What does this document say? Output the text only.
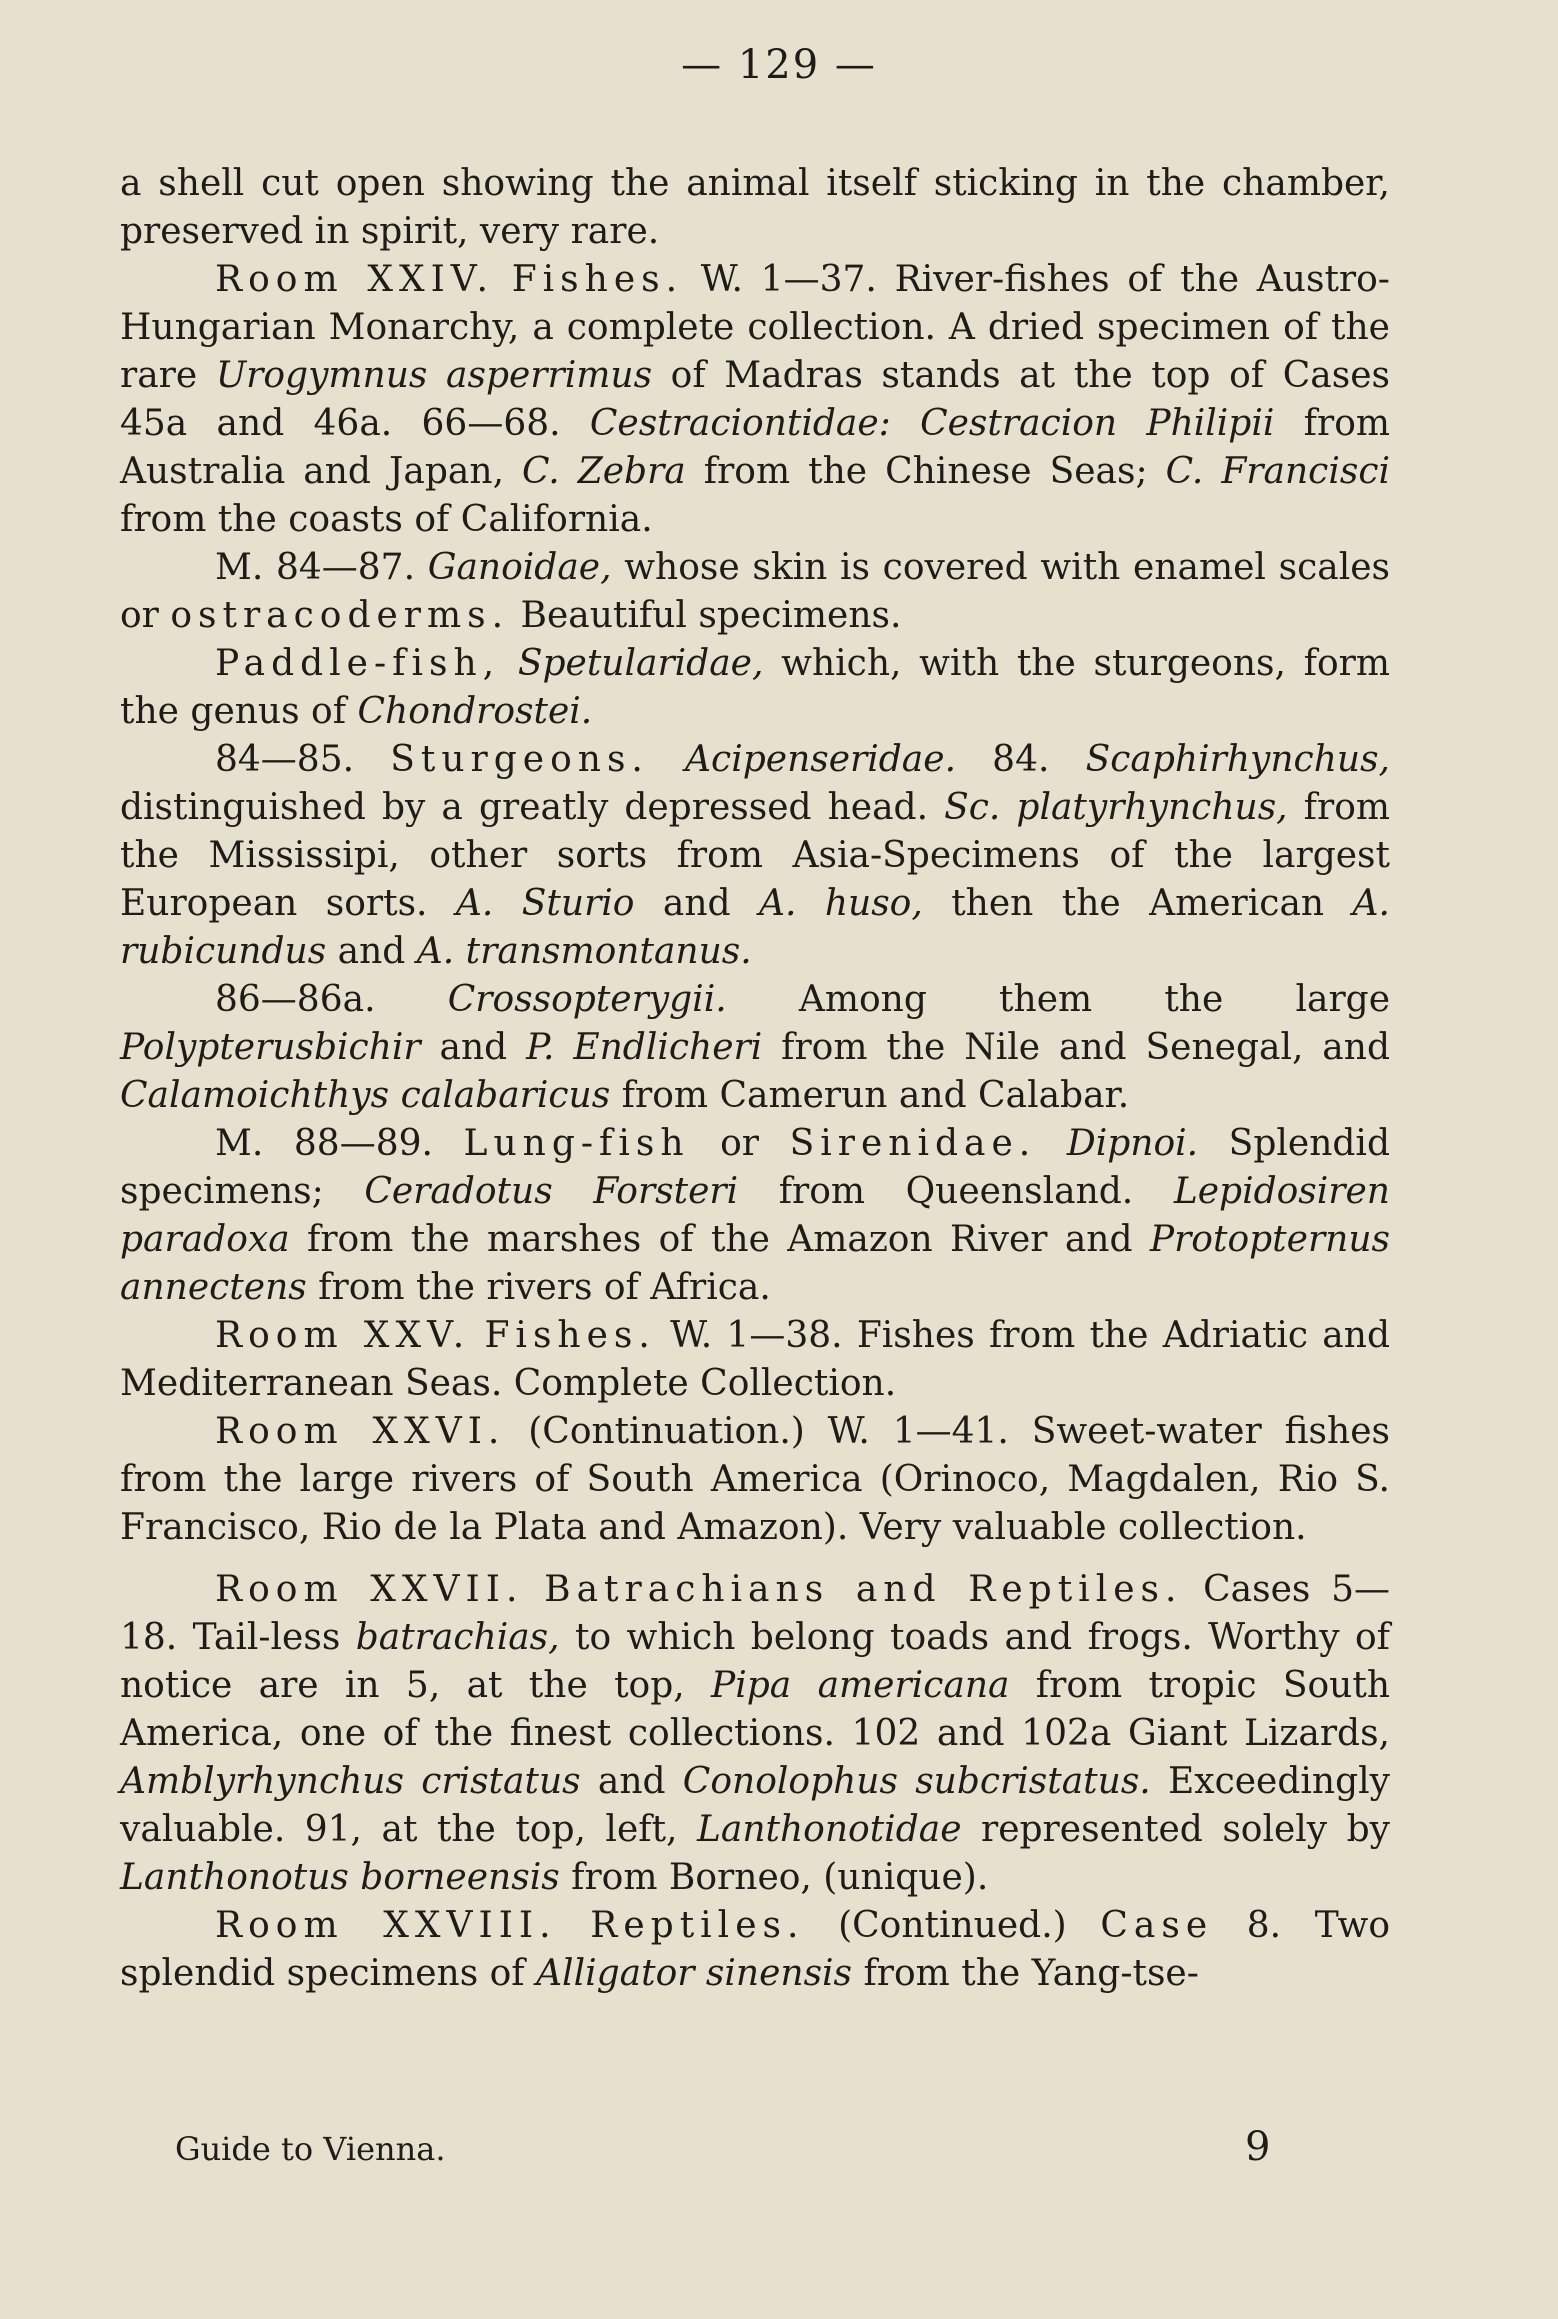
— 129 —

a shell cut open showing the animal itself sticking in the chamber, preserved in spirit, very rare.

Room XXIV. Fishes. W. 1—37. River-fishes of the Austro-Hungarian Monarchy, a complete collection. A dried specimen of the rare Urogymnus asperrimus of Madras stands at the top of Cases 45a and 46a. 66—68. Cestraciontidae: Cestracion Philipii from Australia and Japan, C. Zebra from the Chinese Seas; C. Francisci from the coasts of California.

M. 84—87. Ganoidae, whose skin is covered with enamel scales or ostracoderms. Beautiful specimens.

Paddle-fish, Spetularidae, which, with the sturgeons, form the genus of Chondrostei.

84—85. Sturgeons. Acipenseridae. 84. Scaphirhynchus, distinguished by a greatly depressed head. Sc. platyrhynchus, from the Mississipi, other sorts from Asia-Specimens of the largest European sorts. A. Sturio and A. huso, then the American A. rubicundus and A. transmontanus.

86—86a. Crossopterygii. Among them the large Polypterusbichir and P. Endlicheri from the Nile and Senegal, and Calamoichthys calabaricus from Camerun and Calabar.

M. 88—89. Lung-fish or Sirenidae. Dipnoi. Splendid specimens; Ceradotus Forsteri from Queensland. Lepidosiren paradoxa from the marshes of the Amazon River and Protopternus annectens from the rivers of Africa.

Room XXV. Fishes. W. 1—38. Fishes from the Adriatic and Mediterranean Seas. Complete Collection.

Room XXVI. (Continuation.) W. 1—41. Sweet-water fishes from the large rivers of South America (Orinoco, Magdalen, Rio S. Francisco, Rio de la Plata and Amazon). Very valuable collection.

Room XXVII. Batrachians and Reptiles. Cases 5—18. Tail-less batrachias, to which belong toads and frogs. Worthy of notice are in 5, at the top, Pipa americana from tropic South America, one of the finest collections. 102 and 102a Giant Lizards, Amblyrhynchus cristatus and Conolophus subcristatus. Exceedingly valuable. 91, at the top, left, Lanthonotidae represented solely by Lanthonotus borneensis from Borneo, (unique).

Room XXVIII. Reptiles. (Continued.) Case 8. Two splendid specimens of Alligator sinensis from the Yang-tse-

Guide to Vienna.	9
